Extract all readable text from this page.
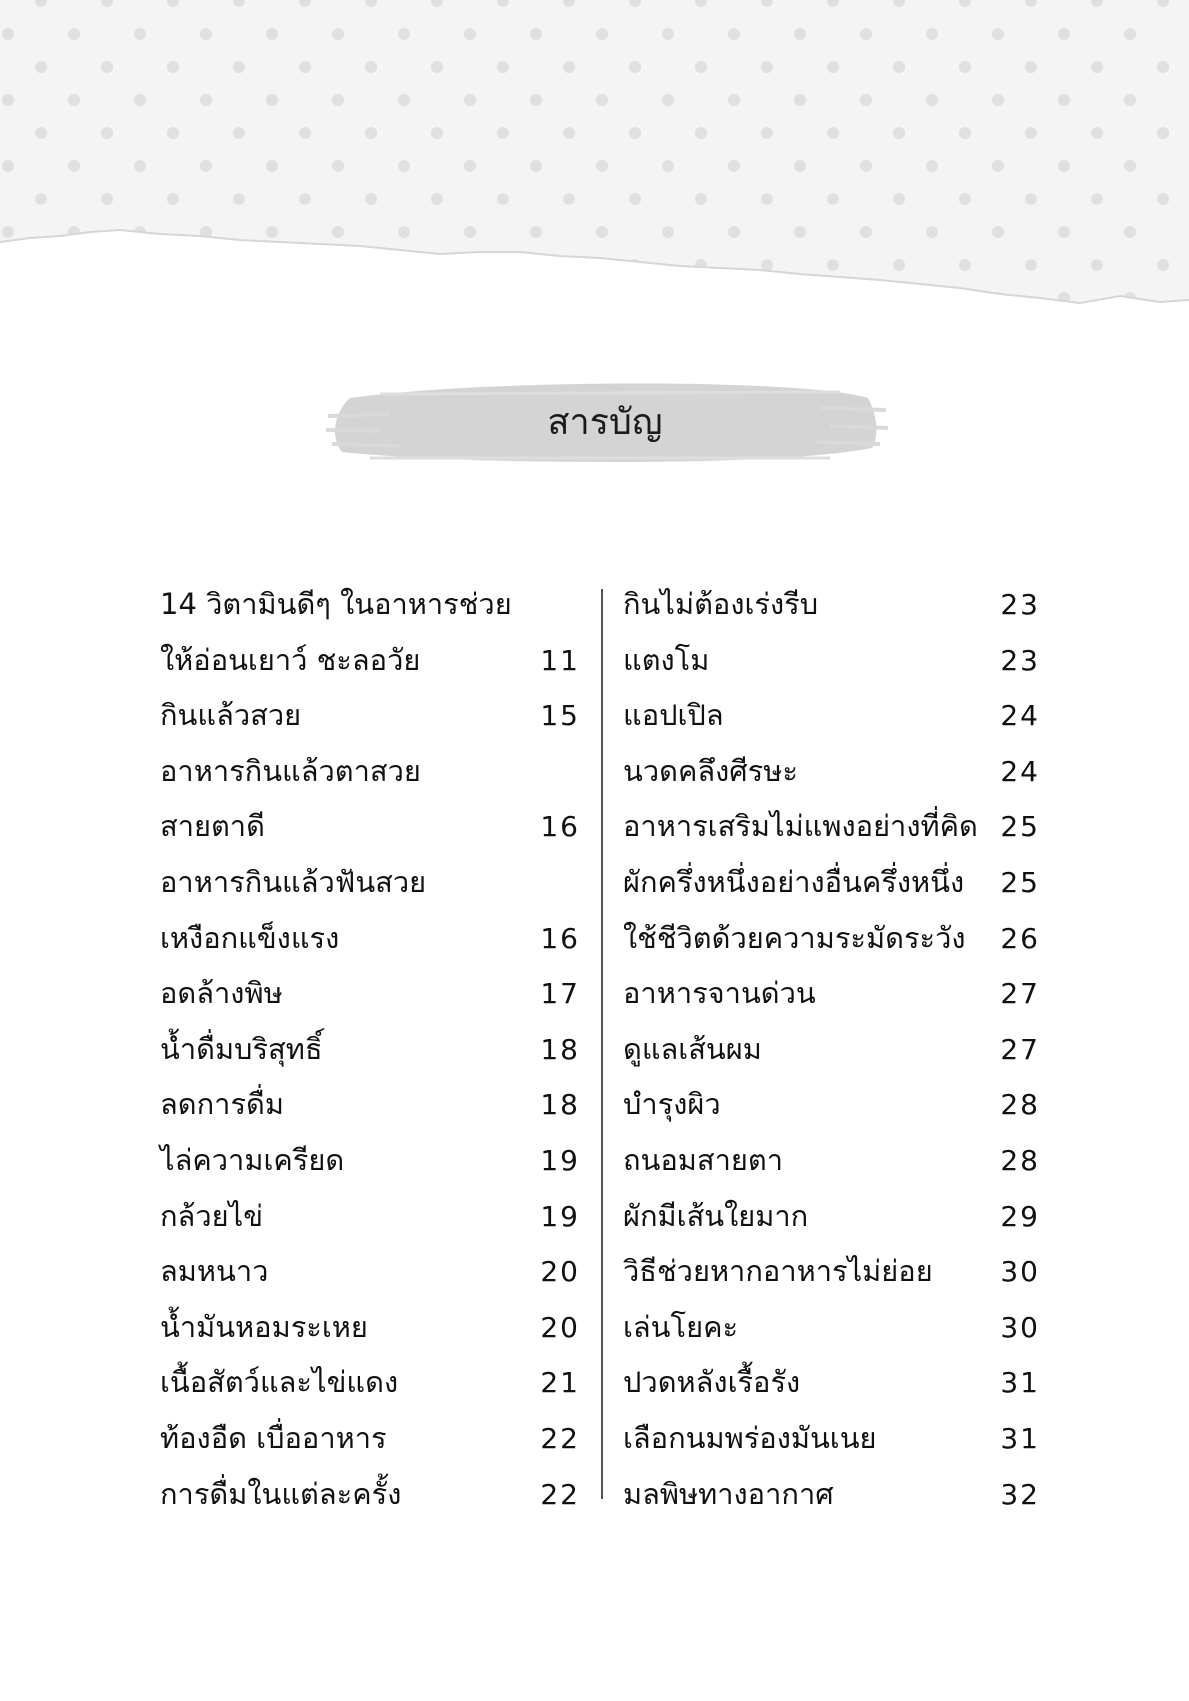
สารบัญ
14 วิตามินดีๆ ในอาหารช่วย
ให้อ่อนเยาว์ ชะลอวัย	11
กินแล้วสวย	15
อาหารกินแล้วตาสวย
สายตาดี	16
อาหารกินแล้วฟันสวย
เหงือกแข็งแรง	16
อดล้างพิษ	17
น้ำดื่มบริสุทธิ์	18
ลดการดื่ม	18
ไล่ความเครียด	19
กล้วยไข่	19
ลมหนาว	20
น้ำมันหอมระเหย	20
เนื้อสัตว์และไข่แดง	21
ท้องอืด เบื่ออาหาร	22
การดื่มในแต่ละครั้ง	22
กินไม่ต้องเร่งรีบ	23
แตงโม	23
แอปเปิล	24
นวดคลึงศีรษะ	24
อาหารเสริมไม่แพงอย่างที่คิด 25
ผักครึ่งหนึ่งอย่างอื่นครึ่งหนึ่ง 25
ใช้ชีวิตด้วยความระมัดระวัง 26
อาหารจานด่วน	27
ดูแลเส้นผม	27
บำรุงผิว	28
ถนอมสายตา	28
ผักมีเส้นใยมาก	29
วิธีช่วยหากอาหารไม่ย่อย 30
เล่นโยคะ	30
ปวดหลังเรื้อรัง	31
เลือกนมพร่องมันเนย	31
มลพิษทางอากาศ	32
